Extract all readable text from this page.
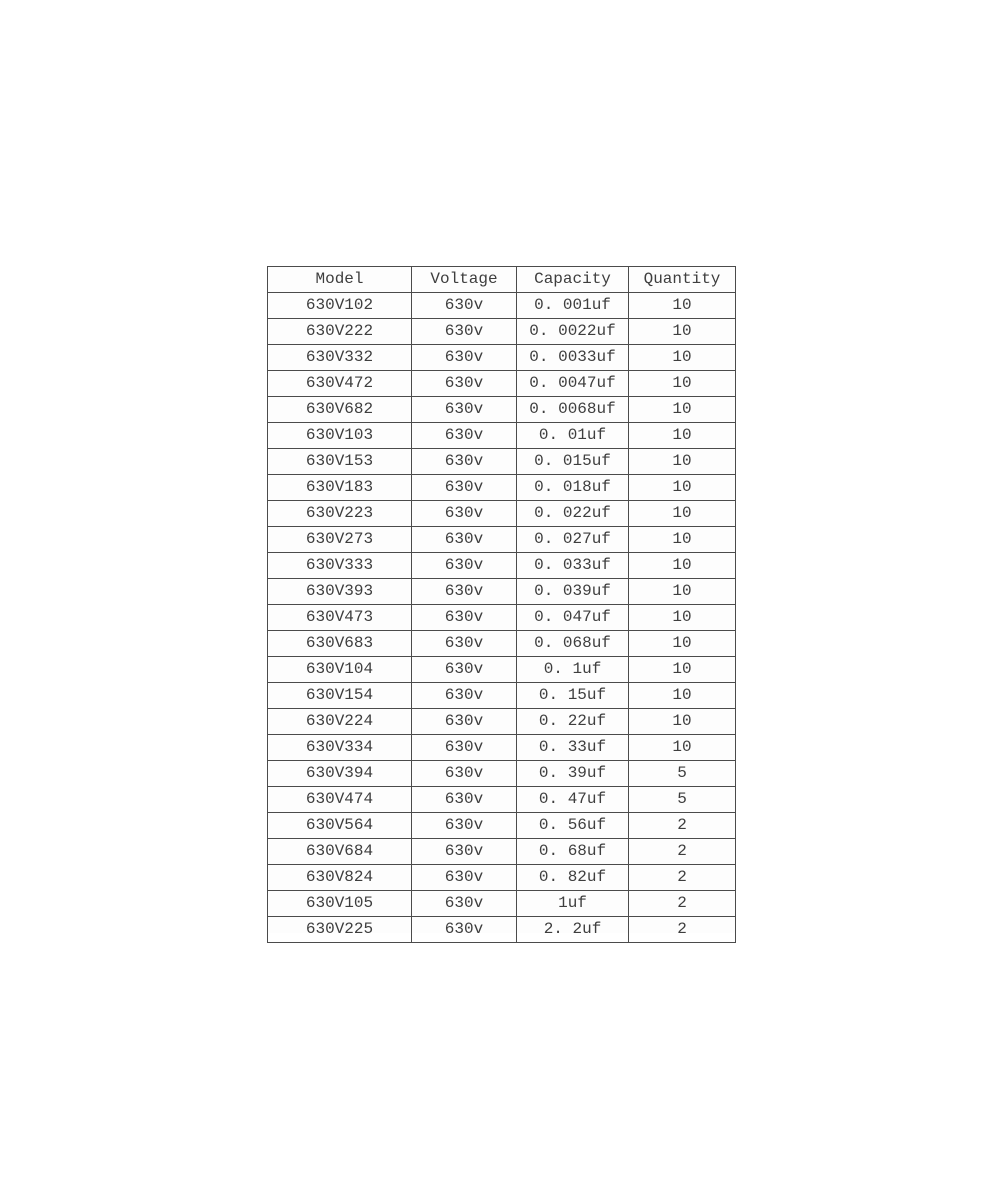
Model	Voltage	Capacity	Quantity
630V102	630v	0. 001uf	10
630V222	630v	0. 0022uf	10
630V332	630v	0. 0033uf	10
630V472	630v	0. 0047uf	10
630V682	630v	0. 0068uf	10
630V103	630v	0. 01uf	10
630V153	630v	0. 015uf	10
630V183	630v	0. 018uf	10
630V223	630v	0. 022uf	10
630V273	630v	0. 027uf	10
630V333	630v	0. 033uf	10
630V393	630v	0. 039uf	10
630V473	630v	0. 047uf	10
630V683	630v	0. 068uf	10
630V104	630v	0. 1uf	10
630V154	630v	0. 15uf	10
630V224	630v	0. 22uf	10
630V334	630v	0. 33uf	10
630V394	630v	0. 39uf	5
630V474	630v	0. 47uf	5
630V564	630v	0. 56uf	2
630V684	630v	0. 68uf	2
630V824	630v	0. 82uf	2
630V105	630v	1uf	2
630V225	630v	2. 2uf	2
